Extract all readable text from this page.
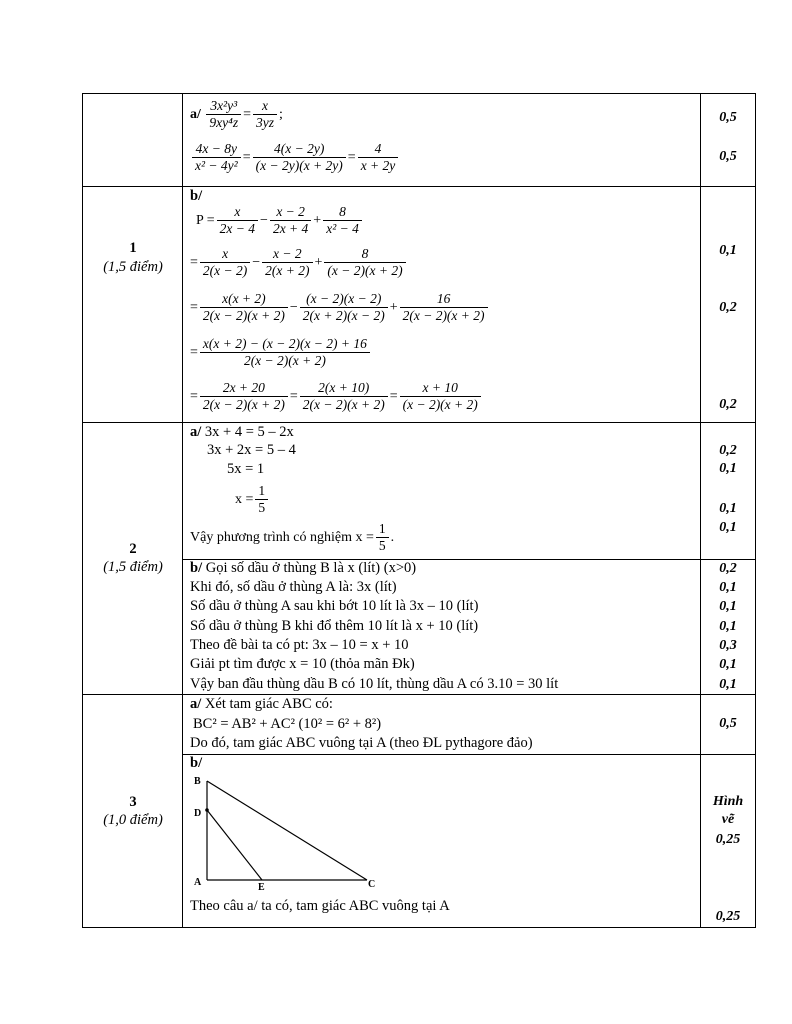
1
(1,5 điểm)
a/
$\frac{\text{3x²y³}}{\text{9xy⁴z}} = \frac{x}{3yz}$ ;
$\frac{4x - 8y}{\text{x² − 4y²}} = \frac{4(x - 2y)}{(x - 2y)(x + 2y)} = \frac{4}{x + 2y}$
b/
$P = \frac{x}{2x - 4} - \frac{x - 2}{2x + 4} + \frac{8}{\text{x² − 4}}$
= $\frac{x}{2(x - 2)} - \frac{x - 2}{2(x + 2)} + \frac{8}{(x - 2)(x + 2)}$
= $\frac{x(x + 2)}{2(x - 2)(x + 2)} - \frac{(x - 2)(x - 2)}{2(x + 2)(x - 2)} + \frac{16}{2(x - 2)(x + 2)}$
= $\frac{x(x + 2) - (x - 2)(x - 2) + 16}{2(x - 2)(x + 2)}$
= $\frac{2x + 20}{2(x - 2)(x + 2)} = \frac{2(x + 10)}{2(x - 2)(x + 2)} = \frac{x + 10}{(x - 2)(x + 2)}$
0,5
0,5
0,1
0,2
0,2
2
(1,5 điểm)
a/ 3x + 4 = 5 – 2x
3x + 2x = 5 – 4
5x = 1
$x = \frac{1}{5}$
Vậy phương trình có nghiệm $x = \frac{1}{5}$ .
0,2
0,1
0,1
0,1
b/ Gọi số dầu ở thùng B là x (lít) (x>0)
Khi đó, số dầu ở thùng A là: 3x (lít)
Số dầu ở thùng A sau khi bớt 10 lít là 3x – 10 (lít)
Số dầu ở thùng B khi đổ thêm 10 lít là x + 10 (lít)
Theo đề bài ta có pt: 3x – 10 = x + 10
Giải pt tìm được x = 10 (thỏa mãn Đk)
Vậy ban đầu thùng dầu B có 10 lít, thùng dầu A có 3.10 = 30 lít
0,2
0,1
0,1
0,1
0,3
0,1
0,1
3
(1,0 điểm)
a/ Xét tam giác ABC có:
BC² = AB² + AC² (10² = 6² + 8²)
Do đó, tam giác ABC vuông tại A (theo ĐL pythagore đảo)
0,5
b/
B
D
A	E	C
Theo câu a/ ta có, tam giác ABC vuông tại A
Hình
vẽ
0,25
0,25
